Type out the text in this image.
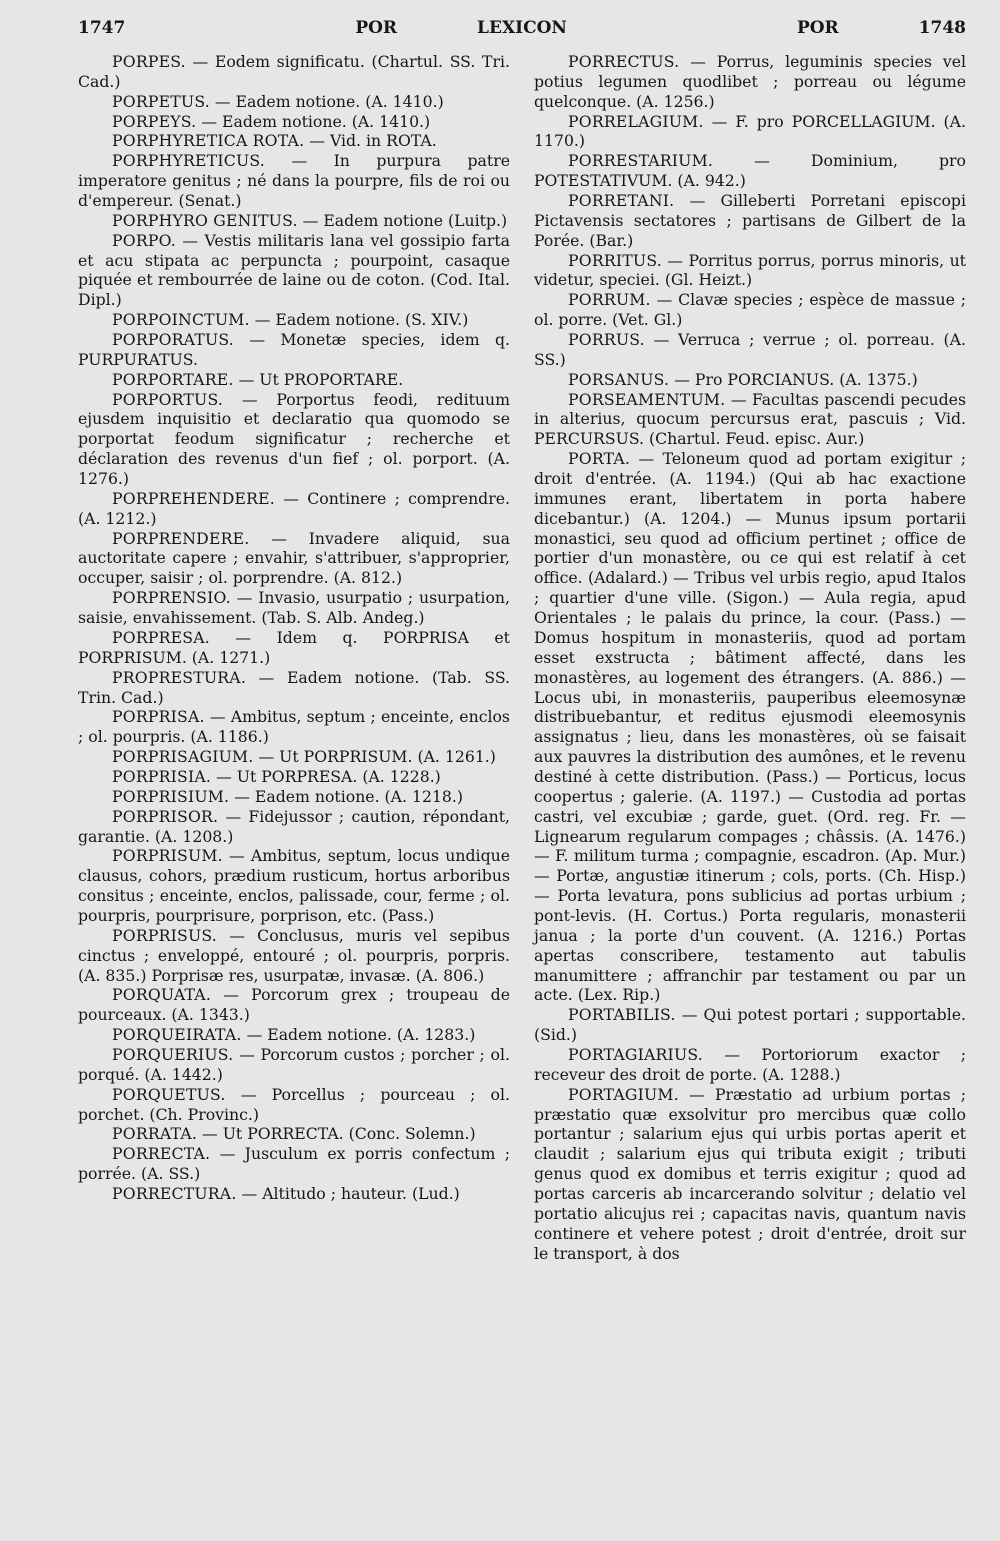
1747	POR	LEXICON	POR	1748

PORPES. — Eodem significatu. (Chartul. SS. Tri. Cad.)

PORPETUS. — Eadem notione. (A. 1410.)

PORPEYS. — Eadem notione. (A. 1410.)

PORPHYRETICA ROTA. — Vid. in ROTA.

PORPHYRETICUS. — In purpura patre imperatore genitus ; né dans la pourpre, fils de roi ou d'empereur. (Senat.)

PORPHYRO GENITUS. — Eadem notione (Luitp.)

PORPO. — Vestis militaris lana vel gossipio farta et acu stipata ac perpuncta ; pourpoint, casaque piquée et rembourrée de laine ou de coton. (Cod. Ital. Dipl.)

PORPOINCTUM. — Eadem notione. (S. XIV.)

PORPORATUS. — Monetæ species, idem q. PURPURATUS.

PORPORTARE. — Ut PROPORTARE.

PORPORTUS. — Porportus feodi, redituum ejusdem inquisitio et declaratio qua quomodo se porportat feodum significatur ; recherche et déclaration des revenus d'un fief ; ol. porport. (A. 1276.)

PORPREHENDERE. — Continere ; comprendre. (A. 1212.)

PORPRENDERE. — Invadere aliquid, sua auctoritate capere ; envahir, s'attribuer, s'approprier, occuper, saisir ; ol. porprendre. (A. 812.)

PORPRENSIO. — Invasio, usurpatio ; usurpation, saisie, envahissement. (Tab. S. Alb. Andeg.)

PORPRESA. — Idem q. PORPRISA et PORPRISUM. (A. 1271.)

PROPRESTURA. — Eadem notione. (Tab. SS. Trin. Cad.)

PORPRISA. — Ambitus, septum ; enceinte, enclos ; ol. pourpris. (A. 1186.)

PORPRISAGIUM. — Ut PORPRISUM. (A. 1261.)

PORPRISIA. — Ut PORPRESA. (A. 1228.)

PORPRISIUM. — Eadem notione. (A. 1218.)

PORPRISOR. — Fidejussor ; caution, répondant, garantie. (A. 1208.)

PORPRISUM. — Ambitus, septum, locus undique clausus, cohors, prædium rusticum, hortus arboribus consitus ; enceinte, enclos, palissade, cour, ferme ; ol. pourpris, pourprisure, porprison, etc. (Pass.)

PORPRISUS. — Conclusus, muris vel sepibus cinctus ; enveloppé, entouré ; ol. pourpris, porpris. (A. 835.) Porprisæ res, usurpatæ, invasæ. (A. 806.)

PORQUATA. — Porcorum grex ; troupeau de pourceaux. (A. 1343.)

PORQUEIRATA. — Eadem notione. (A. 1283.)

PORQUERIUS. — Porcorum custos ; porcher ; ol. porqué. (A. 1442.)

PORQUETUS. — Porcellus ; pourceau ; ol. porchet. (Ch. Provinc.)

PORRATA. — Ut PORRECTA. (Conc. Solemn.)

PORRECTA. — Jusculum ex porris confectum ; porrée. (A. SS.)

PORRECTURA. — Altitudo ; hauteur. (Lud.)

PORRECTUS. — Porrus, leguminis species vel potius legumen quodlibet ; porreau ou légume quelconque. (A. 1256.)

PORRELAGIUM. — F. pro PORCELLAGIUM. (A. 1170.)

PORRESTARIUM.	— Dominium, pro POTESTATIVUM. (A. 942.)

PORRETANI. — Gilleberti Porretani episcopi Pictavensis sectatores ; partisans de Gilbert de la Porée. (Bar.)

PORRITUS. — Porritus porrus, porrus minoris, ut videtur, speciei. (Gl. Heizt.)

PORRUM. — Clavæ species ; espèce de massue ; ol. porre. (Vet. Gl.)

PORRUS. — Verruca ; verrue ; ol. porreau. (A. SS.)

PORSANUS. — Pro PORCIANUS. (A. 1375.)

PORSEAMENTUM. — Facultas pascendi pecudes in alterius, quocum percursus erat, pascuis ; Vid. PERCURSUS. (Chartul. Feud. episc. Aur.)

PORTA. — Teloneum quod ad portam exigitur ; droit d'entrée. (A. 1194.) (Qui ab hac exactione immunes erant, libertatem in porta habere dicebantur.) (A. 1204.) — Munus ipsum portarii monastici, seu quod ad officium pertinet ; office de portier d'un monastère, ou ce qui est relatif à cet office. (Adalard.) — Tribus vel urbis regio, apud Italos ; quartier d'une ville. (Sigon.) — Aula regia, apud Orientales ; le palais du prince, la cour. (Pass.) — Domus hospitum in monasteriis, quod ad portam esset exstructa ; bâtiment affecté, dans les monastères, au logement des étrangers. (A. 886.) — Locus ubi, in monasteriis, pauperibus eleemosynæ distribuebantur, et reditus ejusmodi eleemosynis assignatus ; lieu, dans les monastères, où se faisait aux pauvres la distribution des aumônes, et le revenu destiné à cette distribution. (Pass.) — Porticus, locus coopertus ; galerie. (A. 1197.) — Custodia ad portas castri, vel excubiæ ; garde, guet. (Ord. reg. Fr. — Lignearum regularum compages ; châssis. (A. 1476.) — F. militum turma ; compagnie, escadron. (Ap. Mur.) — Portæ, angustiæ itinerum ; cols, ports. (Ch. Hisp.) — Porta levatura, pons sublicius ad portas urbium ; pont-levis. (H. Cortus.) Porta regularis, monasterii janua ; la porte d'un couvent. (A. 1216.) Portas apertas conscribere, testamento aut tabulis manumittere ; affranchir par testament ou par un acte. (Lex. Rip.)

PORTABILIS. — Qui potest portari ; supportable. (Sid.)

PORTAGIARIUS. — Portoriorum exactor ; receveur des droit de porte. (A. 1288.)

PORTAGIUM. — Præstatio ad urbium portas ; præstatio quæ exsolvitur pro mercibus quæ collo portantur ; salarium ejus qui urbis portas aperit et claudit ; salarium ejus qui tributa exigit ; tributi genus quod ex domibus et terris exigitur ; quod ad portas carceris ab incarcerando solvitur ; delatio vel portatio alicujus rei ; capacitas navis, quantum navis continere et vehere potest ; droit d'entrée, droit sur le transport, à dos
